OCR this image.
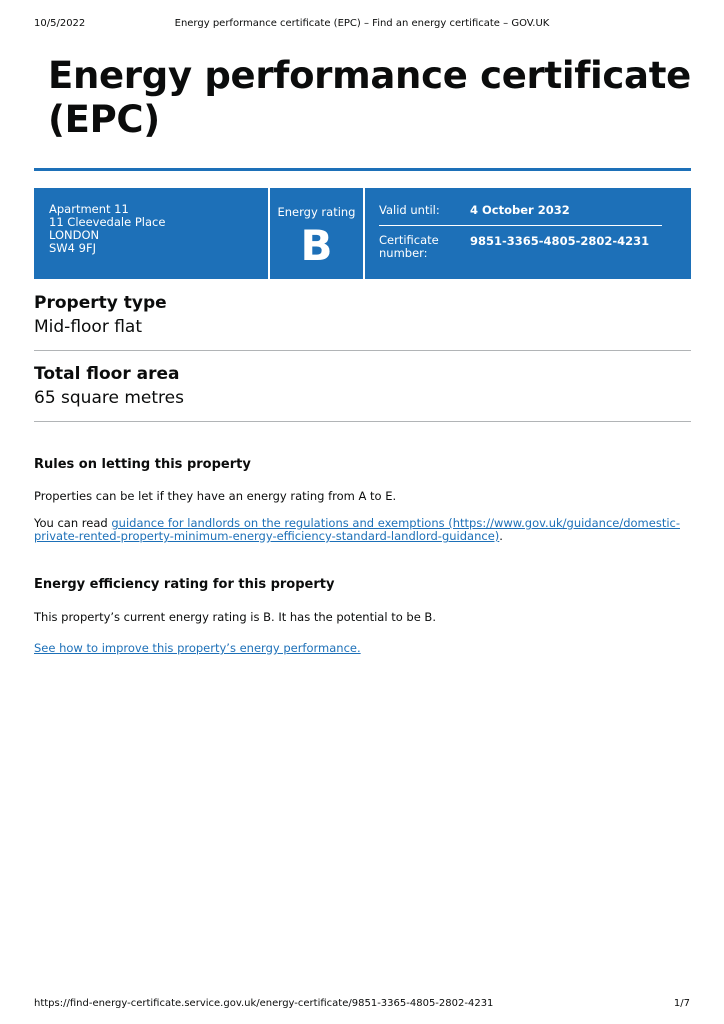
10/5/2022	Energy performance certificate (EPC) – Find an energy certificate – GOV.UK
Energy performance certificate (EPC)
Apartment 11
11 Cleevedale Place
LONDON
SW4 9FJ
Energy rating
B
Valid until:	4 October 2032
Certificate number:
9851-3365-4805-2802-4231
Property type
Mid-floor flat
Total floor area
65 square metres
Rules on letting this property
Properties can be let if they have an energy rating from A to E.
You can read guidance for landlords on the regulations and exemptions (https://www.gov.uk/guidance/domestic-private-rented-property-minimum-energy-efficiency-standard-landlord-guidance).
Energy efficiency rating for this property
This property’s current energy rating is B. It has the potential to be B.
See how to improve this property’s energy performance.
https://find-energy-certificate.service.gov.uk/energy-certificate/9851-3365-4805-2802-4231	1/7
